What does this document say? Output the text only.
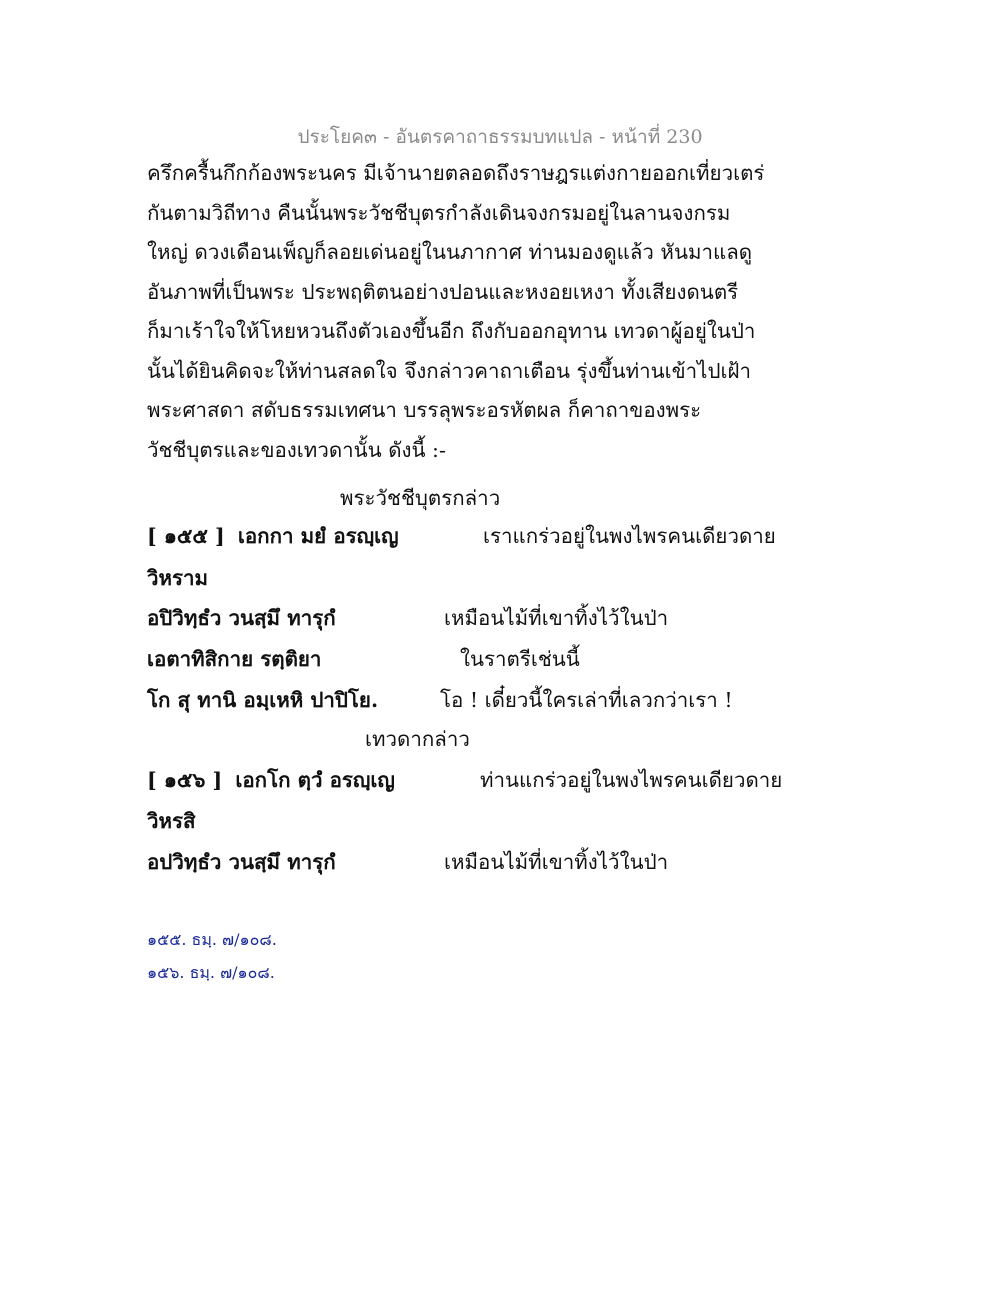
ประโยค๓ - อันตรคาถาธรรมบทแปล - หน้าที่ 230
ครึกครื้นกึกก้องพระนคร มีเจ้านายตลอดถึงราษฎรแต่งกายออกเที่ยวเตร่
กันตามวิถีทาง คืนนั้นพระวัชชีบุตรกำลังเดินจงกรมอยู่ในลานจงกรม
ใหญ่ ดวงเดือนเพ็ญก็ลอยเด่นอยู่ในนภากาศ ท่านมองดูแล้ว หันมาแลดู
อันภาพที่เป็นพระ ประพฤติตนอย่างปอนและหงอยเหงา ทั้งเสียงดนตรี
ก็มาเร้าใจให้โหยหวนถึงตัวเองขึ้นอีก ถึงกับออกอุทาน เทวดาผู้อยู่ในป่า
นั้นได้ยินคิดจะให้ท่านสลดใจ จึงกล่าวคาถาเตือน รุ่งขึ้นท่านเข้าไปเฝ้า
พระศาสดา สดับธรรมเทศนา บรรลุพระอรหัตผล ก็คาถาของพระ
วัชชีบุตรและของเทวดานั้น ดังนี้ :-
พระวัชชีบุตรกล่าว
[ ๑๕๕ ] เอกกา มยํ อรญฺเญ	เราแกร่วอยู่ในพงไพรคนเดียวดาย
วิหราม
อปิวิทฺธํว วนสฺมึ ทารุกํ	เหมือนไม้ที่เขาทิ้งไว้ในป่า
เอตาทิสิกาย รตฺติยา	ในราตรีเช่นนี้
โก สุ ทานิ อมฺเหหิ ปาปิโย.	โอ ! เดี๋ยวนี้ใครเล่าที่เลวกว่าเรา !
เทวดากล่าว
[ ๑๕๖ ] เอกโก ตฺวํ อรญฺเญ	ท่านแกร่วอยู่ในพงไพรคนเดียวดาย
วิหรสิ
อปวิทฺธํว วนสฺมึ ทารุกํ	เหมือนไม้ที่เขาทิ้งไว้ในป่า
๑๕๕. ธมฺ. ๗/๑๐๘.
๑๕๖. ธมฺ. ๗/๑๐๘.
